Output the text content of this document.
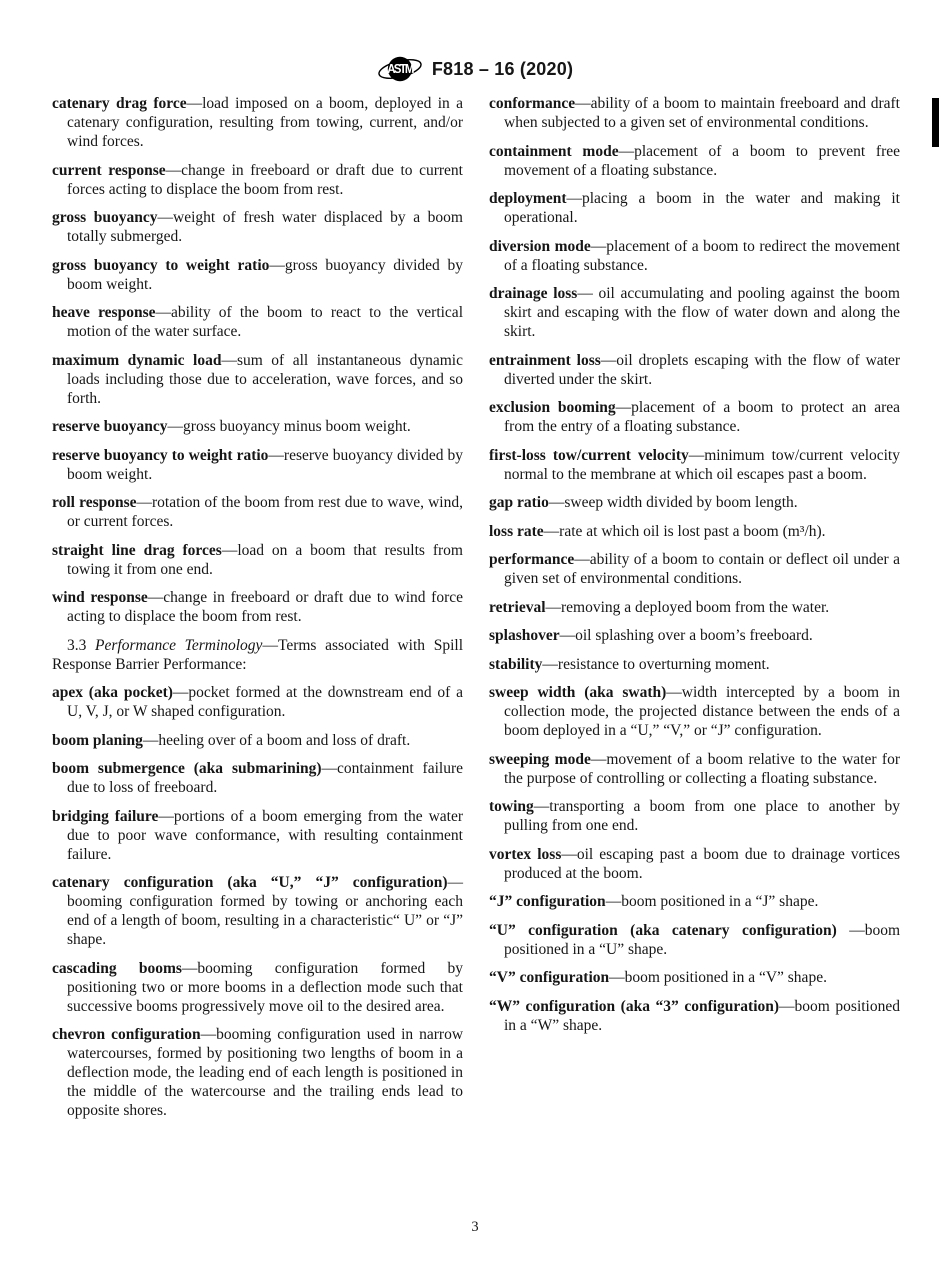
ASTM F818 – 16 (2020)
catenary drag force—load imposed on a boom, deployed in a catenary configuration, resulting from towing, current, and/or wind forces.
current response—change in freeboard or draft due to current forces acting to displace the boom from rest.
gross buoyancy—weight of fresh water displaced by a boom totally submerged.
gross buoyancy to weight ratio—gross buoyancy divided by boom weight.
heave response—ability of the boom to react to the vertical motion of the water surface.
maximum dynamic load—sum of all instantaneous dynamic loads including those due to acceleration, wave forces, and so forth.
reserve buoyancy—gross buoyancy minus boom weight.
reserve buoyancy to weight ratio—reserve buoyancy divided by boom weight.
roll response—rotation of the boom from rest due to wave, wind, or current forces.
straight line drag forces—load on a boom that results from towing it from one end.
wind response—change in freeboard or draft due to wind force acting to displace the boom from rest.
3.3 Performance Terminology—Terms associated with Spill Response Barrier Performance:
apex (aka pocket)—pocket formed at the downstream end of a U, V, J, or W shaped configuration.
boom planing—heeling over of a boom and loss of draft.
boom submergence (aka submarining)—containment failure due to loss of freeboard.
bridging failure—portions of a boom emerging from the water due to poor wave conformance, with resulting containment failure.
catenary configuration (aka “U,” “J” configuration)—booming configuration formed by towing or anchoring each end of a length of boom, resulting in a characteristic“ U” or “J” shape.
cascading booms—booming configuration formed by positioning two or more booms in a deflection mode such that successive booms progressively move oil to the desired area.
chevron configuration—booming configuration used in narrow watercourses, formed by positioning two lengths of boom in a deflection mode, the leading end of each length is positioned in the middle of the watercourse and the trailing ends lead to opposite shores.
conformance—ability of a boom to maintain freeboard and draft when subjected to a given set of environmental conditions.
containment mode—placement of a boom to prevent free movement of a floating substance.
deployment—placing a boom in the water and making it operational.
diversion mode—placement of a boom to redirect the movement of a floating substance.
drainage loss— oil accumulating and pooling against the boom skirt and escaping with the flow of water down and along the skirt.
entrainment loss—oil droplets escaping with the flow of water diverted under the skirt.
exclusion booming—placement of a boom to protect an area from the entry of a floating substance.
first-loss tow/current velocity—minimum tow/current velocity normal to the membrane at which oil escapes past a boom.
gap ratio—sweep width divided by boom length.
loss rate—rate at which oil is lost past a boom (m³/h).
performance—ability of a boom to contain or deflect oil under a given set of environmental conditions.
retrieval—removing a deployed boom from the water.
splashover—oil splashing over a boom’s freeboard.
stability—resistance to overturning moment.
sweep width (aka swath)—width intercepted by a boom in collection mode, the projected distance between the ends of a boom deployed in a “U,” “V,” or “J” configuration.
sweeping mode—movement of a boom relative to the water for the purpose of controlling or collecting a floating substance.
towing—transporting a boom from one place to another by pulling from one end.
vortex loss—oil escaping past a boom due to drainage vortices produced at the boom.
“J” configuration—boom positioned in a “J” shape.
“U” configuration (aka catenary configuration) —boom positioned in a “U” shape.
“V” configuration—boom positioned in a “V” shape.
“W” configuration (aka “3” configuration)—boom positioned in a “W” shape.
3
